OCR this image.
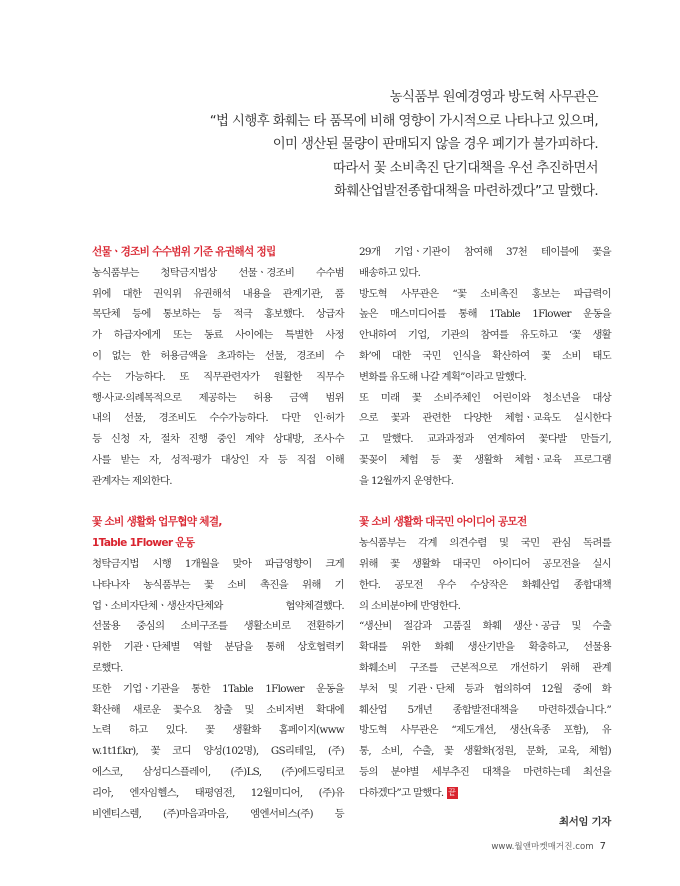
농식품부 원예경영과 방도혁 사무관은
“법 시행후 화훼는 타 품목에 비해 영향이 가시적으로 나타나고 있으며,
이미 생산된 물량이 판매되지 않을 경우 폐기가 불가피하다.
따라서 꽃 소비촉진 단기대책을 우선 추진하면서
화훼산업발전종합대책을 마련하겠다”고 말했다.
선물ㆍ경조비 수수범위 기준 유권해석 정립
농식품부는 청탁금지법상 선물ㆍ경조비 수수범
위에 대한 권익위 유권해석 내용을 관계기관, 품
목단체 등에 통보하는 등 적극 홍보했다. 상급자
가 하급자에게 또는 동료 사이에는 특별한 사정
이 없는 한 허용금액을 초과하는 선물, 경조비 수
수는 가능하다. 또 직무관련자가 원활한 직무수
행·사교·의례목적으로 제공하는 허용 금액 범위
내의 선물, 경조비도 수수가능하다. 다만 인·허가
등 신청 자, 절차 진행 중인 계약 상대방, 조사·수
사를 받는 자, 성적·평가 대상인 자 등 직접 이해
관계자는 제외한다.
꽃 소비 생활화 업무협약 체결,
1Table 1Flower 운동
청탁금지법 시행 1개월을 맞아 파급영향이 크게
나타나자 농식품부는 꽃 소비 촉진을 위해 기
업ㆍ소비자단체ㆍ생산자단체와 협약체결했다.
선물용 중심의 소비구조를 생활소비로 전환하기
위한 기관ㆍ단체별 역할 분담을 통해 상호협력키
로했다.
또한 기업ㆍ기관을 통한 1Table 1Flower 운동을
확산해 새로운 꽃수요 창출 및 소비저변 확대에
노력 하고 있다. 꽃 생활화 홈페이지(www
w.1t1f.kr), 꽃 코디 양성(102명), GS리테일, (주)
에스코, 삼성디스플레이, (주)LS, (주)에드링티코
리아, 엔자임헬스, 태평염전, 12월미디어, (주)유
비엔티스렘, (주)마음과마음, 엠엔서비스(주) 등
29개 기업ㆍ기관이 참여해 37천 테이블에 꽃을
배송하고 있다.
방도혁 사무관은 “꽃 소비촉진 홍보는 파급력이
높은 매스미디어를 통해 1Table 1Flower 운동을
안내하여 기업, 기관의 참여를 유도하고 ‘꽃 생활
화’에 대한 국민 인식을 확산하여 꽃 소비 태도
변화를 유도해 나갈 계획”이라고 말했다.
또 미래 꽃 소비주체인 어린이와 청소년을 대상
으로 꽃과 관련한 다양한 체험ㆍ교육도 실시한다
고 말했다. 교과과정과 연계하여 꽃다발 만들기,
꽃꽂이 체험 등 꽃 생활화 체험ㆍ교육 프로그램
을 12월까지 운영한다.
꽃 소비 생활화 대국민 아이디어 공모전
농식품부는 각계 의견수렴 및 국민 관심 독려를
위해 꽃 생활화 대국민 아이디어 공모전을 실시
한다. 공모전 우수 수상작은 화훼산업 종합대책
의 소비분야에 반영한다.
“생산비 절감과 고품질 화훼 생산ㆍ공급 및 수출
확대를 위한 화훼 생산기반을 확충하고, 선물용
화훼소비 구조를 근본적으로 개선하기 위해 관계
부처 및 기관ㆍ단체 등과 협의하여 12월 중에 화
훼산업 5개년 종합발전대책을 마련하겠습니다.”
방도혁 사무관은 “제도개선, 생산(육종 포함), 유
통, 소비, 수출, 꽃 생활화(정원, 문화, 교육, 체험)
등의 분야별 세부추진 대책을 마련하는데 최선을
다하겠다”고 말했다. 끝
최서임 기자
www.월앤마켓매거진.com 7
